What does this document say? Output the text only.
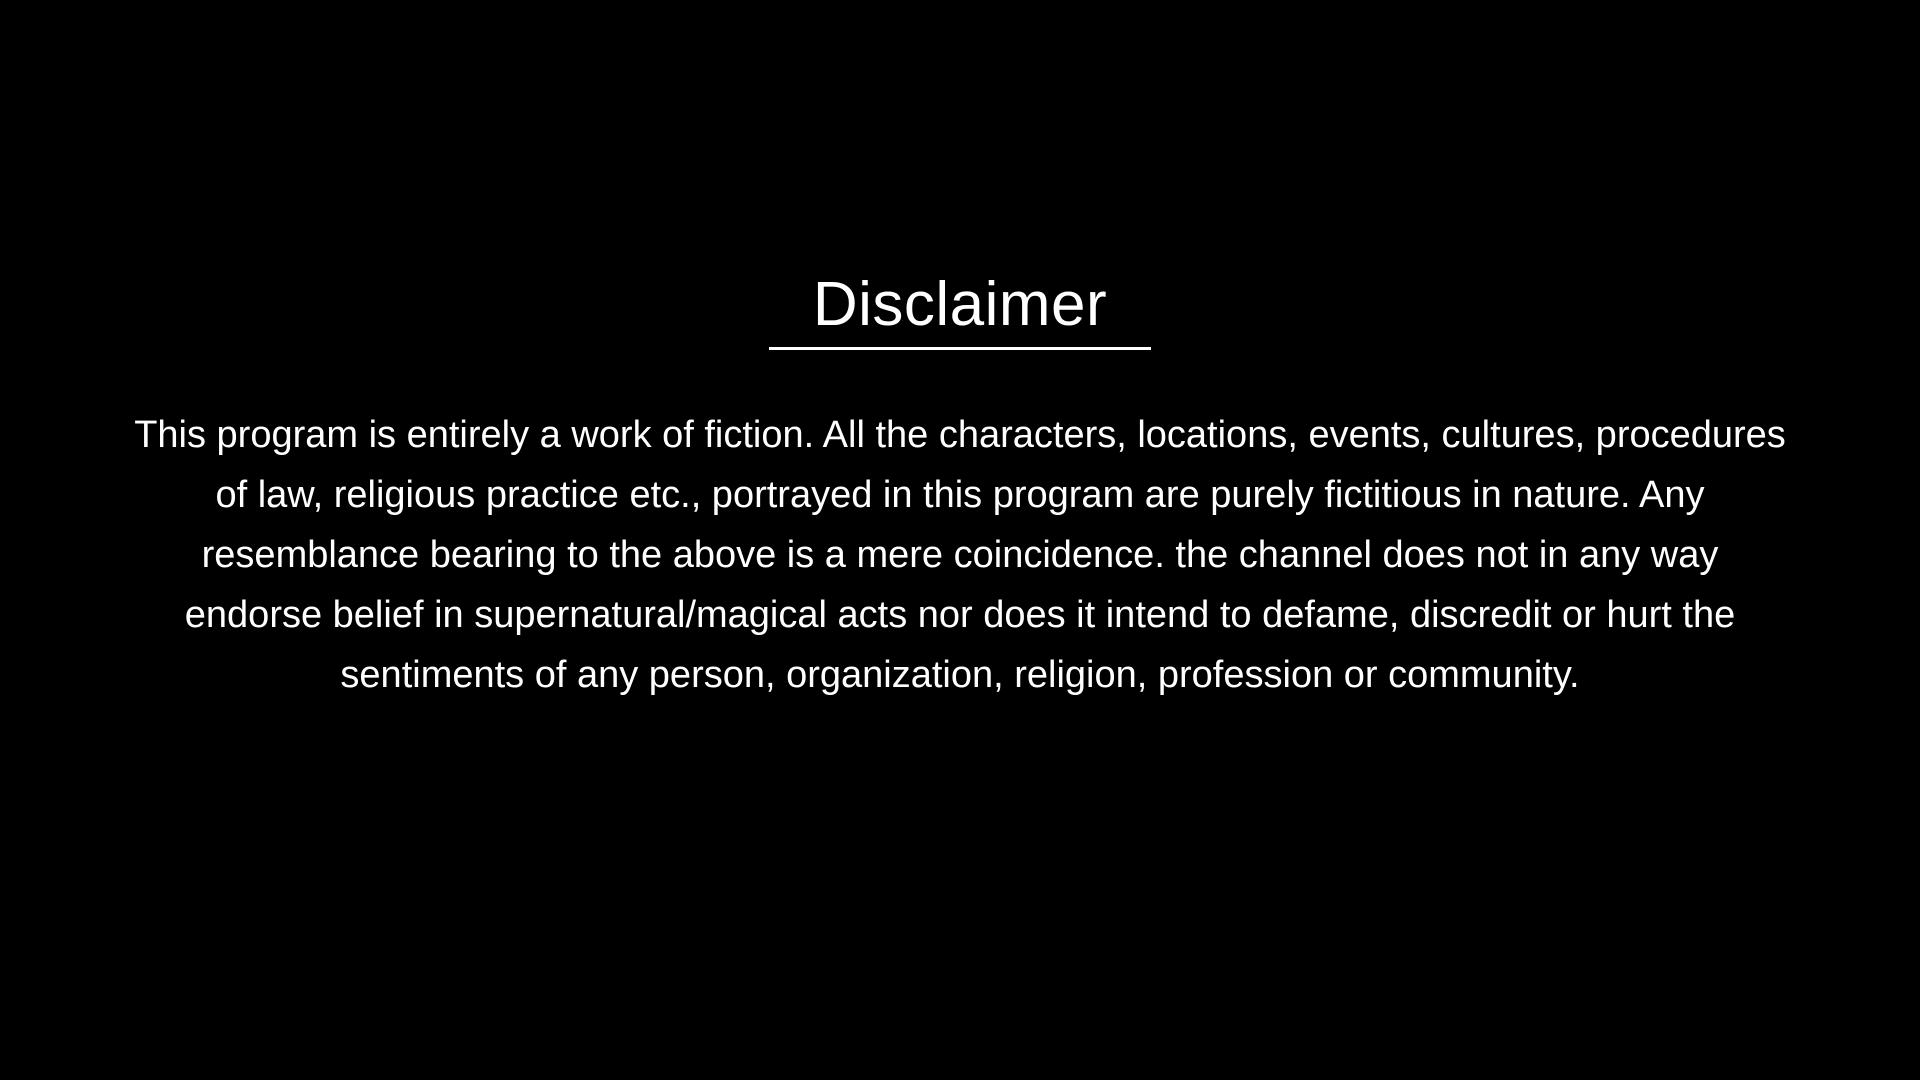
Disclaimer

This program is entirely a work of fiction. All the characters, locations, events, cultures, procedures of law, religious practice etc., portrayed in this program are purely fictitious in nature. Any resemblance bearing to the above is a mere coincidence. the channel does not in any way endorse belief in supernatural/magical acts nor does it intend to defame, discredit or hurt the sentiments of any person, organization, religion, profession or community.
